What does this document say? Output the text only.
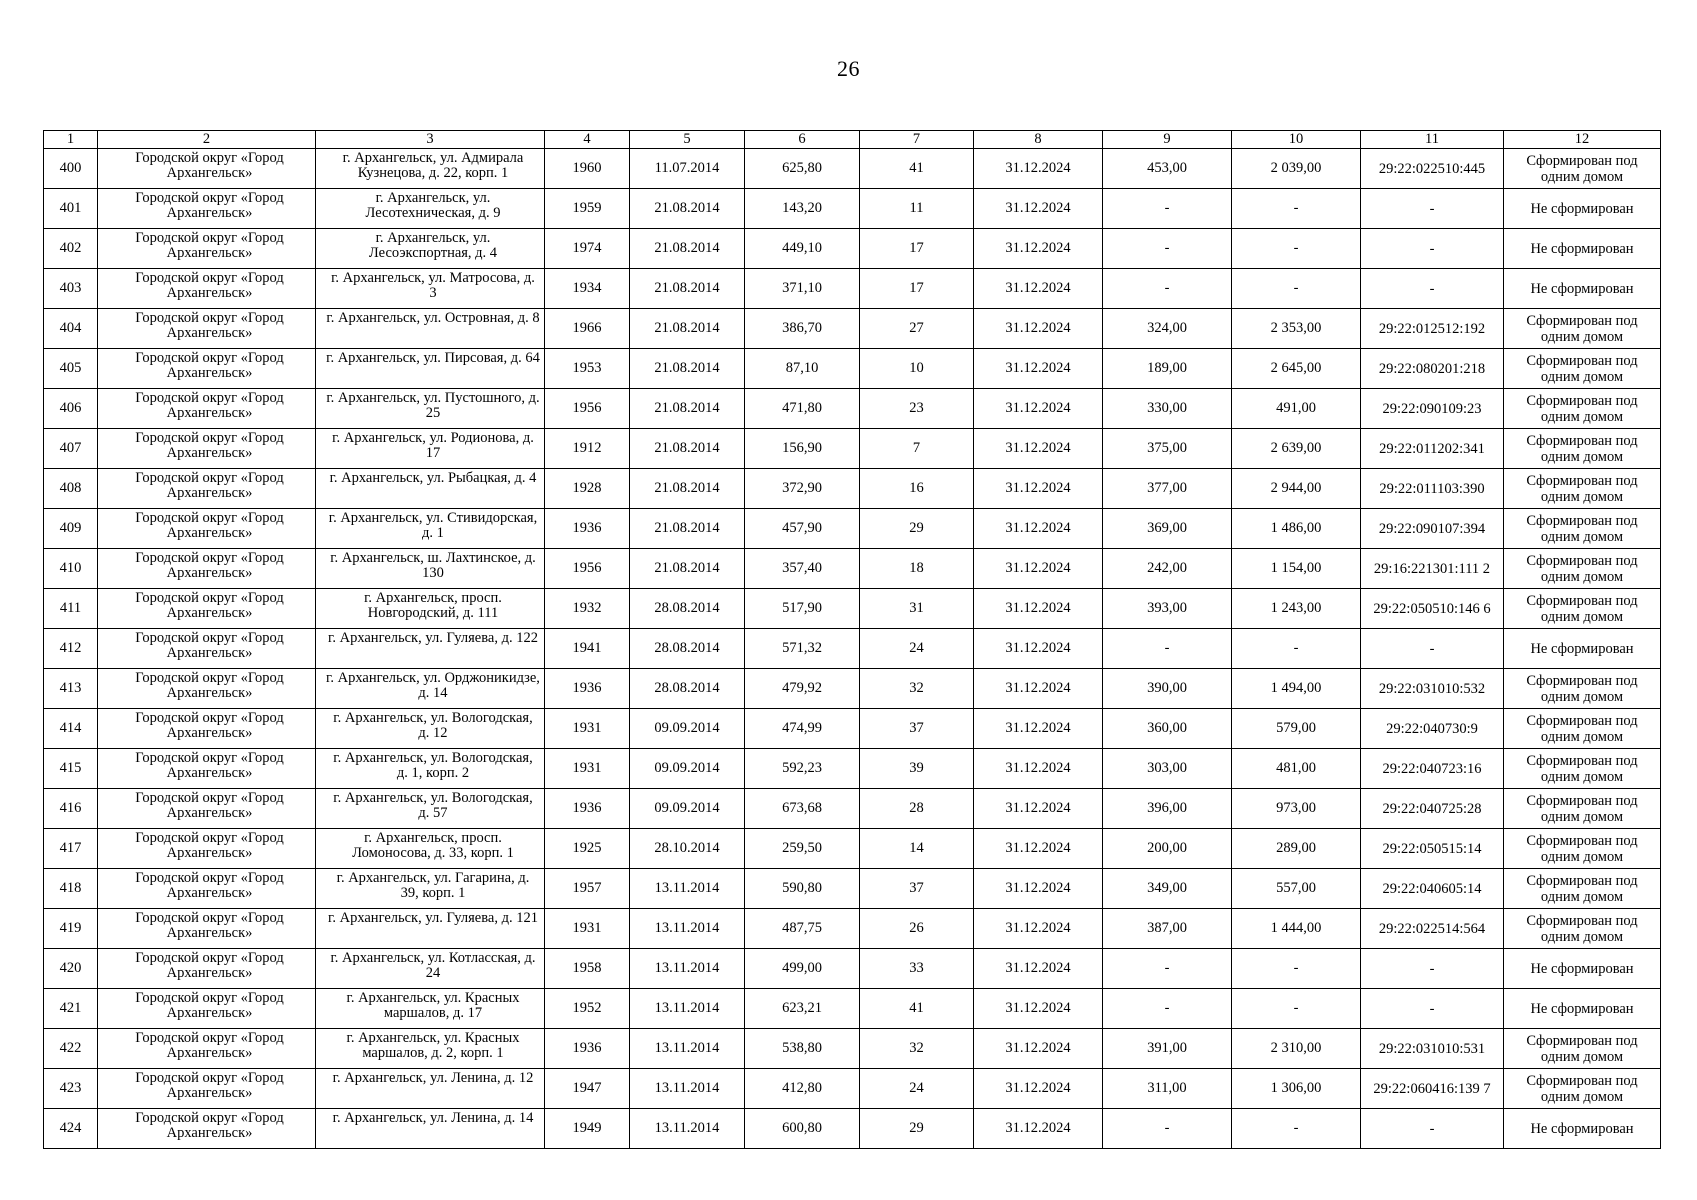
26
1	2	3	4	5	6	7	8	9	10	11	12
400	Городской округ «Город Архангельск»	г. Архангельск, ул. Адмирала Кузнецова, д. 22, корп. 1	1960	11.07.2014	625,80	41	31.12.2024	453,00	2 039,00	29:22:022510:445	Сформирован под одним домом
401	Городской округ «Город Архангельск»	г. Архангельск, ул. Лесотехническая, д. 9	1959	21.08.2014	143,20	11	31.12.2024	-	-	-	Не сформирован
402	Городской округ «Город Архангельск»	г. Архангельск, ул. Лесоэкспортная, д. 4	1974	21.08.2014	449,10	17	31.12.2024	-	-	-	Не сформирован
403	Городской округ «Город Архангельск»	г. Архангельск, ул. Матросова, д. 3	1934	21.08.2014	371,10	17	31.12.2024	-	-	-	Не сформирован
404	Городской округ «Город Архангельск»	г. Архангельск, ул. Островная, д. 8	1966	21.08.2014	386,70	27	31.12.2024	324,00	2 353,00	29:22:012512:192	Сформирован под одним домом
405	Городской округ «Город Архангельск»	г. Архангельск, ул. Пирсовая, д. 64	1953	21.08.2014	87,10	10	31.12.2024	189,00	2 645,00	29:22:080201:218	Сформирован под одним домом
406	Городской округ «Город Архангельск»	г. Архангельск, ул. Пустошного, д. 25	1956	21.08.2014	471,80	23	31.12.2024	330,00	491,00	29:22:090109:23	Сформирован под одним домом
407	Городской округ «Город Архангельск»	г. Архангельск, ул. Родионова, д. 17	1912	21.08.2014	156,90	7	31.12.2024	375,00	2 639,00	29:22:011202:341	Сформирован под одним домом
408	Городской округ «Город Архангельск»	г. Архангельск, ул. Рыбацкая, д. 4	1928	21.08.2014	372,90	16	31.12.2024	377,00	2 944,00	29:22:011103:390	Сформирован под одним домом
409	Городской округ «Город Архангельск»	г. Архангельск, ул. Стивидорская, д. 1	1936	21.08.2014	457,90	29	31.12.2024	369,00	1 486,00	29:22:090107:394	Сформирован под одним домом
410	Городской округ «Город Архангельск»	г. Архангельск, ш. Лахтинское, д. 130	1956	21.08.2014	357,40	18	31.12.2024	242,00	1 154,00	29:16:221301:111 2	Сформирован под одним домом
411	Городской округ «Город Архангельск»	г. Архангельск, просп. Новгородский, д. 111	1932	28.08.2014	517,90	31	31.12.2024	393,00	1 243,00	29:22:050510:146 6	Сформирован под одним домом
412	Городской округ «Город Архангельск»	г. Архангельск, ул. Гуляева, д. 122	1941	28.08.2014	571,32	24	31.12.2024	-	-	-	Не сформирован
413	Городской округ «Город Архангельск»	г. Архангельск, ул. Орджоникидзе, д. 14	1936	28.08.2014	479,92	32	31.12.2024	390,00	1 494,00	29:22:031010:532	Сформирован под одним домом
414	Городской округ «Город Архангельск»	г. Архангельск, ул. Вологодская, д. 12	1931	09.09.2014	474,99	37	31.12.2024	360,00	579,00	29:22:040730:9	Сформирован под одним домом
415	Городской округ «Город Архангельск»	г. Архангельск, ул. Вологодская, д. 1, корп. 2	1931	09.09.2014	592,23	39	31.12.2024	303,00	481,00	29:22:040723:16	Сформирован под одним домом
416	Городской округ «Город Архангельск»	г. Архангельск, ул. Вологодская, д. 57	1936	09.09.2014	673,68	28	31.12.2024	396,00	973,00	29:22:040725:28	Сформирован под одним домом
417	Городской округ «Город Архангельск»	г. Архангельск, просп. Ломоносова, д. 33, корп. 1	1925	28.10.2014	259,50	14	31.12.2024	200,00	289,00	29:22:050515:14	Сформирован под одним домом
418	Городской округ «Город Архангельск»	г. Архангельск, ул. Гагарина, д. 39, корп. 1	1957	13.11.2014	590,80	37	31.12.2024	349,00	557,00	29:22:040605:14	Сформирован под одним домом
419	Городской округ «Город Архангельск»	г. Архангельск, ул. Гуляева, д. 121	1931	13.11.2014	487,75	26	31.12.2024	387,00	1 444,00	29:22:022514:564	Сформирован под одним домом
420	Городской округ «Город Архангельск»	г. Архангельск, ул. Котласская, д. 24	1958	13.11.2014	499,00	33	31.12.2024	-	-	-	Не сформирован
421	Городской округ «Город Архангельск»	г. Архангельск, ул. Красных маршалов, д. 17	1952	13.11.2014	623,21	41	31.12.2024	-	-	-	Не сформирован
422	Городской округ «Город Архангельск»	г. Архангельск, ул. Красных маршалов, д. 2, корп. 1	1936	13.11.2014	538,80	32	31.12.2024	391,00	2 310,00	29:22:031010:531	Сформирован под одним домом
423	Городской округ «Город Архангельск»	г. Архангельск, ул. Ленина, д. 12	1947	13.11.2014	412,80	24	31.12.2024	311,00	1 306,00	29:22:060416:139 7	Сформирован под одним домом
424	Городской округ «Город Архангельск»	г. Архангельск, ул. Ленина, д. 14	1949	13.11.2014	600,80	29	31.12.2024	-	-	-	Не сформирован
